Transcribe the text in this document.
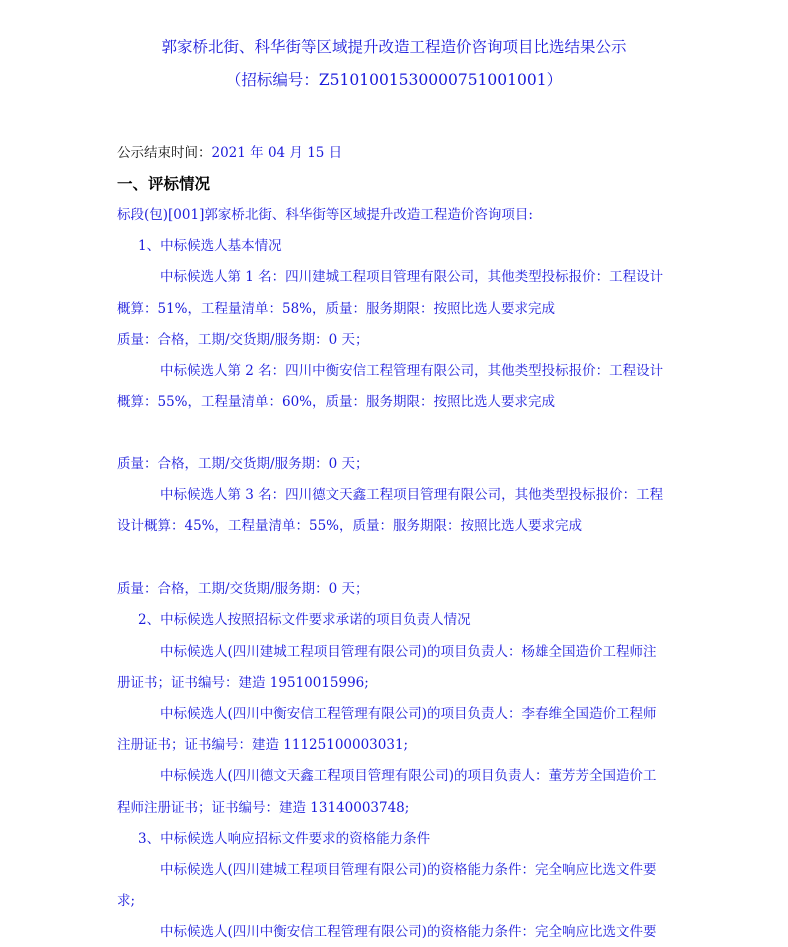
郭家桥北街、科华街等区域提升改造工程造价咨询项目比选结果公示
（招标编号：Z5101001530000751001001）
公示结束时间：2021 年 04 月 15 日
一、评标情况
标段(包)[001]郭家桥北街、科华街等区域提升改造工程造价咨询项目:
1、中标候选人基本情况
中标候选人第 1 名：四川建城工程项目管理有限公司，其他类型投标报价：工程设计
概算：51%，工程量清单：58%，质量：服务期限：按照比选人要求完成
质量：合格，工期/交货期/服务期：0 天；
中标候选人第 2 名：四川中衡安信工程管理有限公司，其他类型投标报价：工程设计
概算：55%，工程量清单：60%，质量：服务期限：按照比选人要求完成
质量：合格，工期/交货期/服务期：0 天；
中标候选人第 3 名：四川德文天鑫工程项目管理有限公司，其他类型投标报价：工程
设计概算：45%，工程量清单：55%，质量：服务期限：按照比选人要求完成
质量：合格，工期/交货期/服务期：0 天；
2、中标候选人按照招标文件要求承诺的项目负责人情况
中标候选人(四川建城工程项目管理有限公司)的项目负责人：杨雄全国造价工程师注
册证书；证书编号：建造 19510015996;
中标候选人(四川中衡安信工程管理有限公司)的项目负责人：李春维全国造价工程师
注册证书；证书编号：建造 11125100003031;
中标候选人(四川德文天鑫工程项目管理有限公司)的项目负责人：董芳芳全国造价工
程师注册证书；证书编号：建造 13140003748;
3、中标候选人响应招标文件要求的资格能力条件
中标候选人(四川建城工程项目管理有限公司)的资格能力条件：完全响应比选文件要
求;
中标候选人(四川中衡安信工程管理有限公司)的资格能力条件：完全响应比选文件要
